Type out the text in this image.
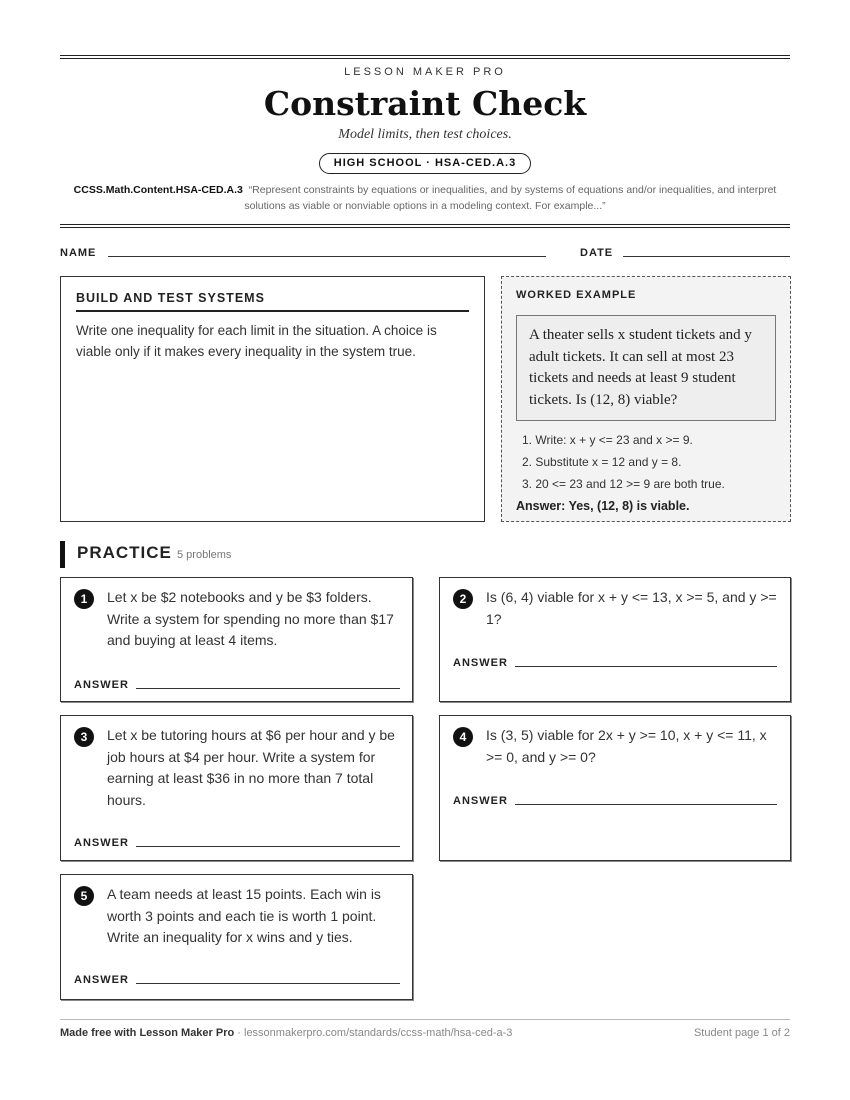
LESSON MAKER PRO
Constraint Check
Model limits, then test choices.
HIGH SCHOOL · HSA-CED.A.3
CCSS.Math.Content.HSA-CED.A.3 “Represent constraints by equations or inequalities, and by systems of equations and/or inequalities, and interpret solutions as viable or nonviable options in a modeling context. For example...”
NAME	DATE
BUILD AND TEST SYSTEMS
Write one inequality for each limit in the situation. A choice is viable only if it makes every inequality in the system true.
WORKED EXAMPLE
A theater sells x student tickets and y adult tickets. It can sell at most 23 tickets and needs at least 9 student tickets. Is (12, 8) viable?
1. Write: x + y <= 23 and x >= 9.
2. Substitute x = 12 and y = 8.
3. 20 <= 23 and 12 >= 9 are both true.
Answer: Yes, (12, 8) is viable.
PRACTICE 5 problems
1	Let x be $2 notebooks and y be $3 folders. Write a system for spending no more than $17 and buying at least 4 items.
ANSWER
2	Is (6, 4) viable for x + y <= 13, x >= 5, and y >= 1?
ANSWER
3	Let x be tutoring hours at $6 per hour and y be job hours at $4 per hour. Write a system for earning at least $36 in no more than 7 total hours.
ANSWER
4	Is (3, 5) viable for 2x + y >= 10, x + y <= 11, x >= 0, and y >= 0?
ANSWER
5	A team needs at least 15 points. Each win is worth 3 points and each tie is worth 1 point. Write an inequality for x wins and y ties.
ANSWER
Made free with Lesson Maker Pro · lessonmakerpro.com/standards/ccss-math/hsa-ced-a-3	Student page 1 of 2
